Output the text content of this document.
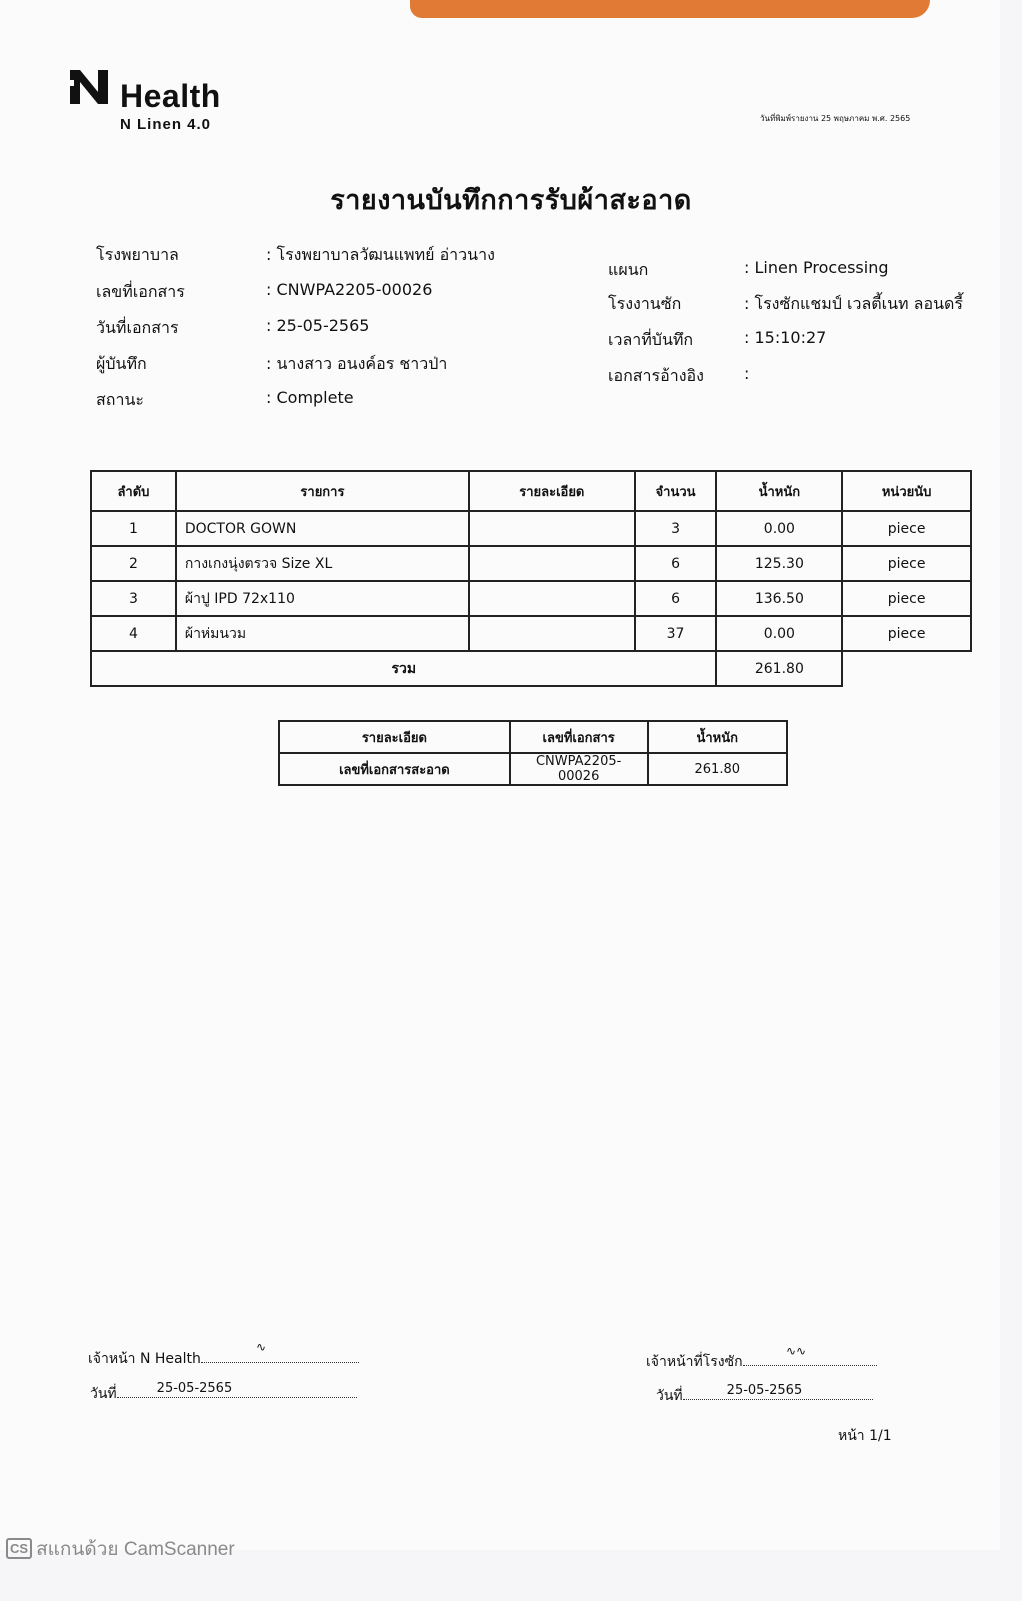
Health
N Linen 4.0	วันที่พิมพ์รายงาน 25 พฤษภาคม พ.ศ. 2565
รายงานบันทึกการรับผ้าสะอาด
โรงพยาบาล	: โรงพยาบาลวัฒนแพทย์ อ่าวนาง
เลขที่เอกสาร	: CNWPA2205-00026
วันที่เอกสาร	: 25-05-2565
ผู้บันทึก	: นางสาว อนงค์อร ชาวป่า
สถานะ	: Complete
แผนก	: Linen Processing
โรงงานซัก	: โรงซักแชมป์ เวลตี้เนท ลอนดรี้
เวลาที่บันทึก	: 15:10:27
เอกสารอ้างอิง	:
ลำดับ	รายการ	รายละเอียด	จำนวน	น้ำหนัก	หน่วยนับ
1	DOCTOR GOWN		3	0.00	piece
2	กางเกงนุ่งตรวจ Size XL		6	125.30	piece
3	ผ้าปู IPD 72x110		6	136.50	piece
4	ผ้าห่มนวม		37	0.00	piece
รวม				261.80	
รายละเอียด	เลขที่เอกสาร	น้ำหนัก
เลขที่เอกสารสะอาด	CNWPA2205-00026	261.80
เจ้าหน้า N Health
∿
วันที่	25-05-2565
เจ้าหน้าที่โรงซัก
∿∿
วันที่	25-05-2565
หน้า 1/1
CS สแกนด้วย CamScanner
